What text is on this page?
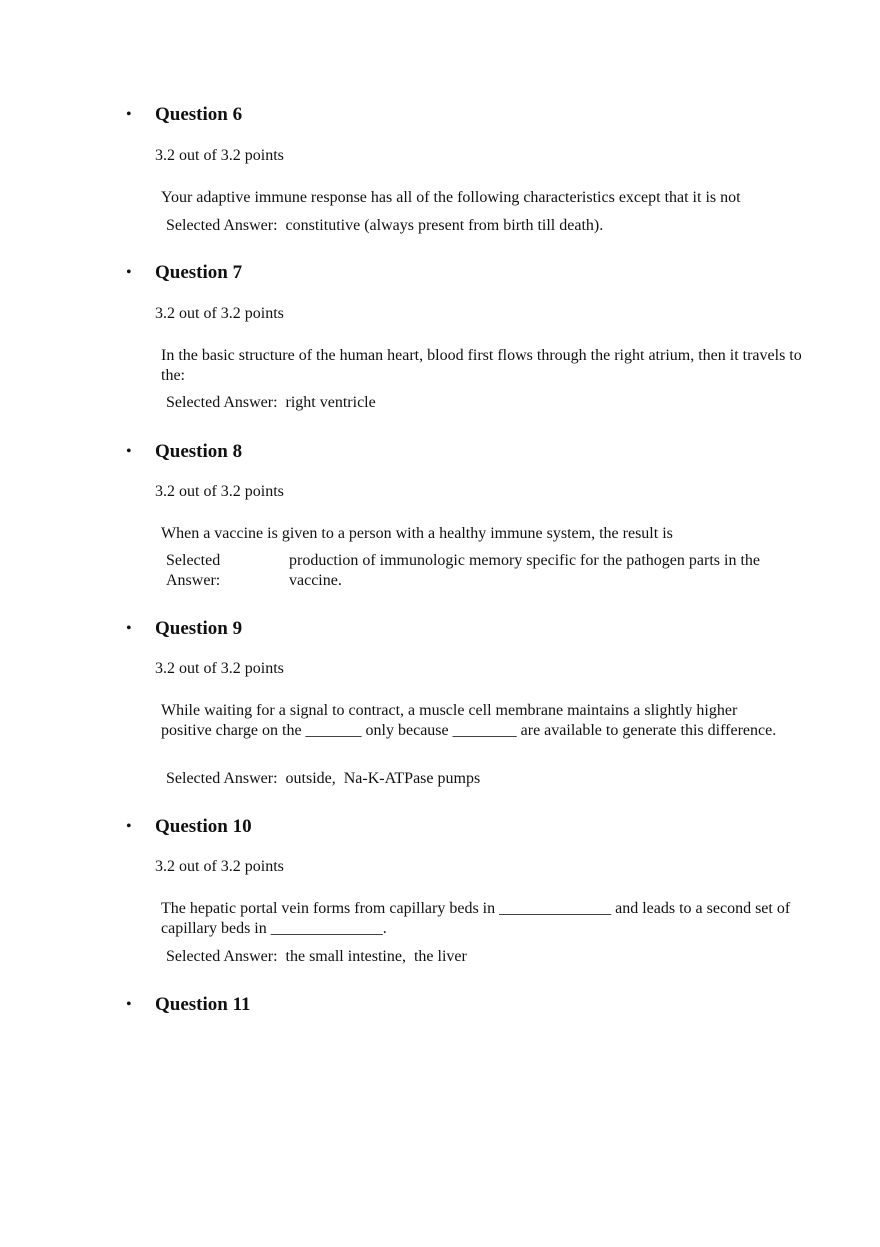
• Question 6
3.2 out of 3.2 points
Your adaptive immune response has all of the following characteristics except that it is not
Selected Answer: constitutive (always present from birth till death).
• Question 7
3.2 out of 3.2 points
In the basic structure of the human heart, blood first flows through the right atrium, then it travels to the:
Selected Answer: right ventricle
• Question 8
3.2 out of 3.2 points
When a vaccine is given to a person with a healthy immune system, the result is
Selected Answer:
production of immunologic memory specific for the pathogen parts in the vaccine.
• Question 9
3.2 out of 3.2 points
While waiting for a signal to contract, a muscle cell membrane maintains a slightly higher positive charge on the _______ only because ________ are available to generate this difference.
Selected Answer: outside,  Na-K-ATPase pumps
• Question 10
3.2 out of 3.2 points
The hepatic portal vein forms from capillary beds in ______________ and leads to a second set of capillary beds in ______________.
Selected Answer: the small intestine,  the liver
• Question 11
